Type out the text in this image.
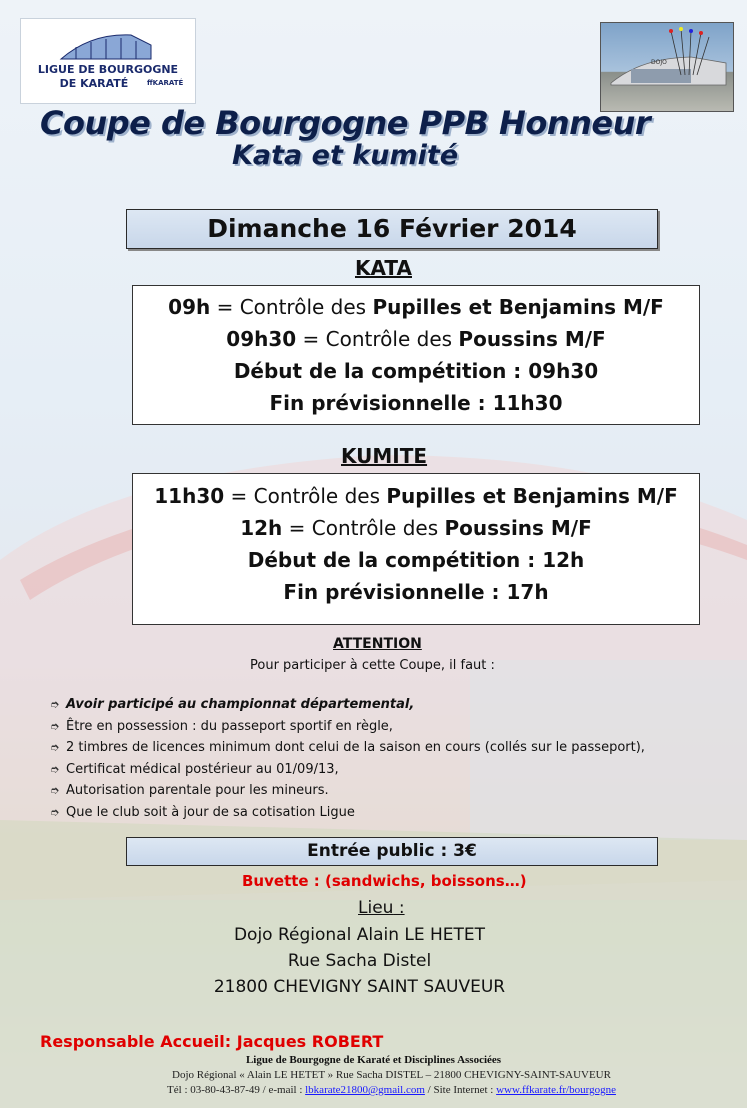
LIGUE DE BOURGOGNE
DE KARATÉ	ffKARATÉ
DOJO
Coupe de Bourgogne PPB Honneur
Kata et kumité
Dimanche 16 Février 2014
KATA
09h = Contrôle des Pupilles et Benjamins M/F
09h30 = Contrôle des Poussins M/F
Début de la compétition : 09h30
Fin prévisionnelle : 11h30
KUMITE
11h30 = Contrôle des Pupilles et Benjamins M/F
12h = Contrôle des Poussins M/F
Début de la compétition : 12h
Fin prévisionnelle : 17h
ATTENTION
Pour participer à cette Coupe, il faut :
➮ Avoir participé au championnat départemental,
➮ Être en possession : du passeport sportif en règle,
➮ 2 timbres de licences minimum dont celui de la saison en cours (collés sur le passeport),
➮ Certificat médical postérieur au 01/09/13,
➮ Autorisation parentale pour les mineurs.
➮ Que le club soit à jour de sa cotisation Ligue
Entrée public : 3€
Buvette : (sandwichs, boissons…)
Lieu :
Dojo Régional Alain LE HETET
Rue Sacha Distel
21800 CHEVIGNY SAINT SAUVEUR
Responsable Accueil: Jacques ROBERT
Ligue de Bourgogne de Karaté et Disciplines Associées
Dojo Régional « Alain LE HETET » Rue Sacha DISTEL – 21800 CHEVIGNY-SAINT-SAUVEUR
Tél : 03-80-43-87-49 / e-mail : lbkarate21800@gmail.com / Site Internet : www.ffkarate.fr/bourgogne
